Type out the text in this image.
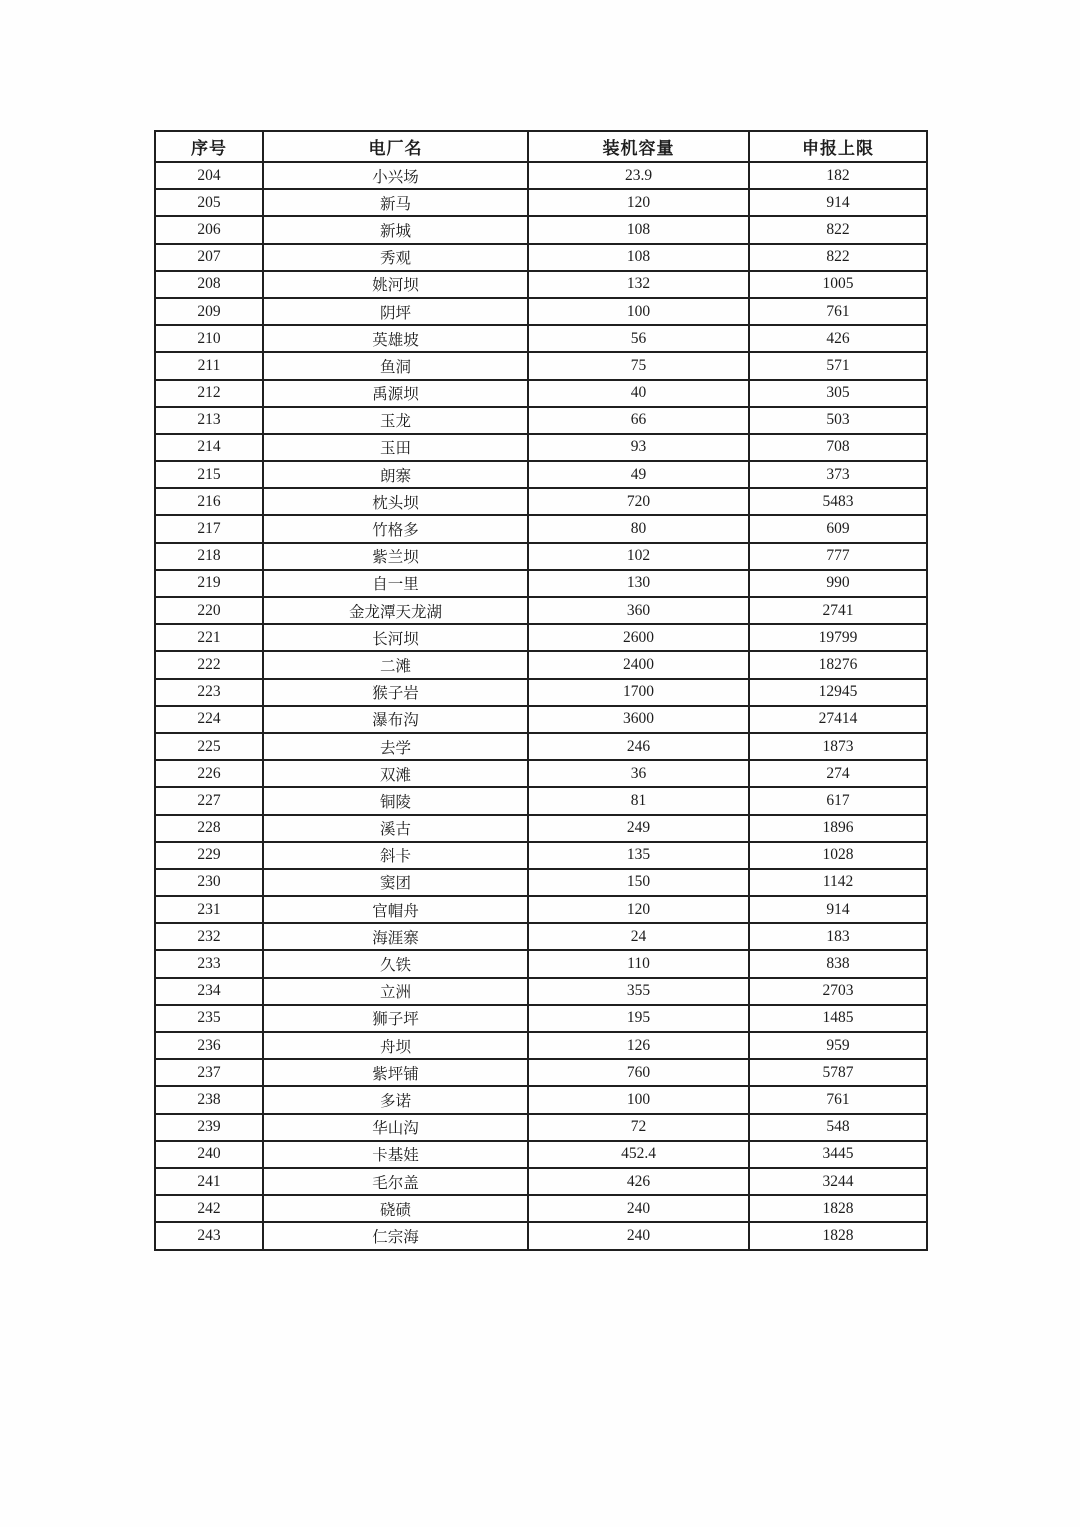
序号	电厂名	装机容量	申报上限
204	小兴场	23.9	182
205	新马	120	914
206	新城	108	822
207	秀观	108	822
208	姚河坝	132	1005
209	阴坪	100	761
210	英雄坡	56	426
211	鱼洞	75	571
212	禹源坝	40	305
213	玉龙	66	503
214	玉田	93	708
215	朗寨	49	373
216	枕头坝	720	5483
217	竹格多	80	609
218	紫兰坝	102	777
219	自一里	130	990
220	金龙潭天龙湖	360	2741
221	长河坝	2600	19799
222	二滩	2400	18276
223	猴子岩	1700	12945
224	瀑布沟	3600	27414
225	去学	246	1873
226	双滩	36	274
227	铜陵	81	617
228	溪古	249	1896
229	斜卡	135	1028
230	窦团	150	1142
231	官帽舟	120	914
232	海涯寨	24	183
233	久铁	110	838
234	立洲	355	2703
235	狮子坪	195	1485
236	舟坝	126	959
237	紫坪铺	760	5787
238	多诺	100	761
239	华山沟	72	548
240	卡基娃	452.4	3445
241	毛尔盖	426	3244
242	硗碛	240	1828
243	仁宗海	240	1828
